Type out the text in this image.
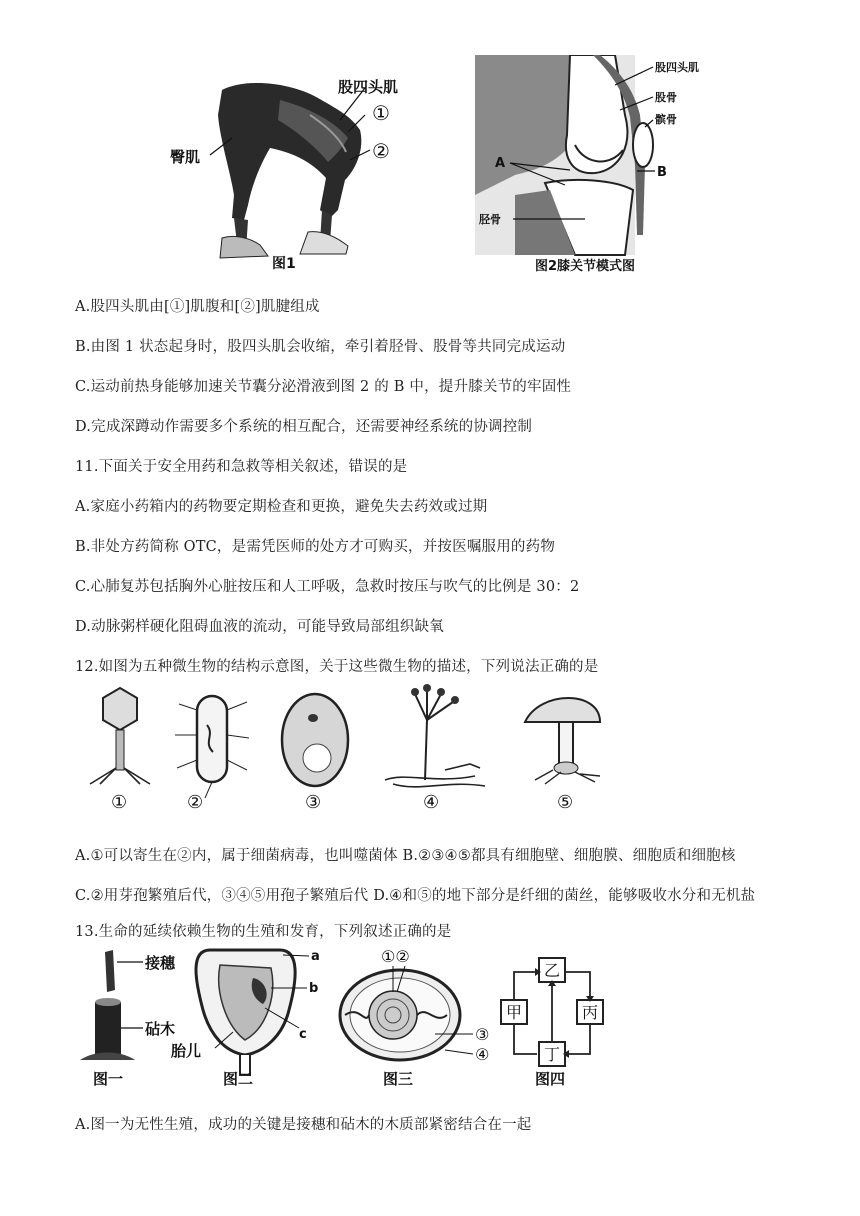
股四头肌
①
②
臀肌
图1
股四头肌
股骨
髌骨
B
A
胫骨
图2膝关节模式图
A.股四头肌由[①]肌腹和[②]肌腱组成
B.由图 1 状态起身时，股四头肌会收缩，牵引着胫骨、股骨等共同完成运动
C.运动前热身能够加速关节囊分泌滑液到图 2 的 B 中，提升膝关节的牢固性
D.完成深蹲动作需要多个系统的相互配合，还需要神经系统的协调控制
11.下面关于安全用药和急救等相关叙述，错误的是
A.家庭小药箱内的药物要定期检查和更换，避免失去药效或过期
B.非处方药简称 OTC，是需凭医师的处方才可购买，并按医嘱服用的药物
C.心肺复苏包括胸外心脏按压和人工呼吸，急救时按压与吹气的比例是 30：2
D.动脉粥样硬化阻碍血液的流动，可能导致局部组织缺氧
12.如图为五种微生物的结构示意图，关于这些微生物的描述，下列说法正确的是
①	②	③	④	⑤
A.①可以寄生在②内，属于细菌病毒，也叫噬菌体 B.②③④⑤都具有细胞壁、细胞膜、细胞质和细胞核
C.②用芽孢繁殖后代，③④⑤用孢子繁殖后代 D.④和⑤的地下部分是纤细的菌丝，能够吸收水分和无机盐
13.生命的延续依赖生物的生殖和发育，下列叙述正确的是
接穗
砧木
图一
a
b
c
胎儿
图二
①②
③
④
图三
乙
甲	丙
丁
图四
A.图一为无性生殖，成功的关键是接穗和砧木的木质部紧密结合在一起
